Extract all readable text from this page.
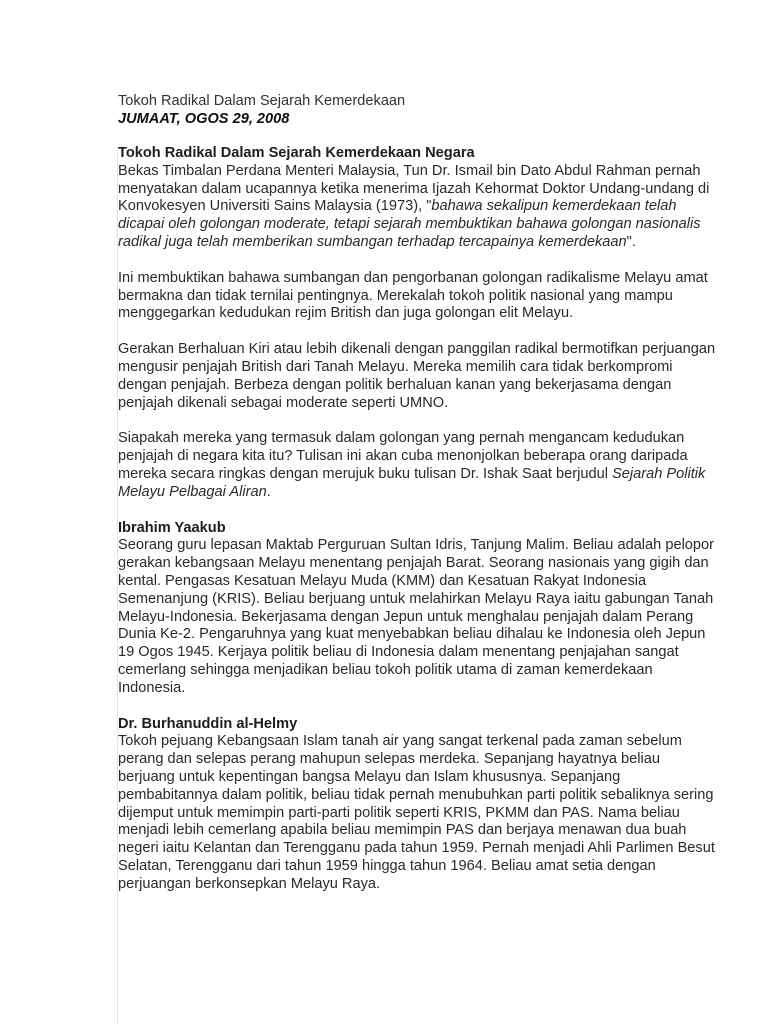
Tokoh Radikal Dalam Sejarah Kemerdekaan

JUMAAT, OGOS 29, 2008

Tokoh Radikal Dalam Sejarah Kemerdekaan Negara
Bekas Timbalan Perdana Menteri Malaysia, Tun Dr. Ismail bin Dato Abdul Rahman pernah menyatakan dalam ucapannya ketika menerima Ijazah Kehormat Doktor Undang-undang di Konvokesyen Universiti Sains Malaysia (1973), "bahawa sekalipun kemerdekaan telah dicapai oleh golongan moderate, tetapi sejarah membuktikan bahawa golongan nasionalis radikal juga telah memberikan sumbangan terhadap tercapainya kemerdekaan".

Ini membuktikan bahawa sumbangan dan pengorbanan golongan radikalisme Melayu amat bermakna dan tidak ternilai pentingnya. Merekalah tokoh politik nasional yang mampu menggegarkan kedudukan rejim British dan juga golongan elit Melayu.

Gerakan Berhaluan Kiri atau lebih dikenali dengan panggilan radikal bermotifkan perjuangan mengusir penjajah British dari Tanah Melayu. Mereka memilih cara tidak berkompromi dengan penjajah. Berbeza dengan politik berhaluan kanan yang bekerjasama dengan penjajah dikenali sebagai moderate seperti UMNO.

Siapakah mereka yang termasuk dalam golongan yang pernah mengancam kedudukan penjajah di negara kita itu? Tulisan ini akan cuba menonjolkan beberapa orang daripada mereka secara ringkas dengan merujuk buku tulisan Dr. Ishak Saat berjudul Sejarah Politik Melayu Pelbagai Aliran.

Ibrahim Yaakub
Seorang guru lepasan Maktab Perguruan Sultan Idris, Tanjung Malim. Beliau adalah pelopor gerakan kebangsaan Melayu menentang penjajah Barat. Seorang nasionais yang gigih dan kental. Pengasas Kesatuan Melayu Muda (KMM) dan Kesatuan Rakyat Indonesia Semenanjung (KRIS). Beliau berjuang untuk melahirkan Melayu Raya iaitu gabungan Tanah Melayu-Indonesia. Bekerjasama dengan Jepun untuk menghalau penjajah dalam Perang Dunia Ke-2. Pengaruhnya yang kuat menyebabkan beliau dihalau ke Indonesia oleh Jepun 19 Ogos 1945. Kerjaya politik beliau di Indonesia dalam menentang penjajahan sangat cemerlang sehingga menjadikan beliau tokoh politik utama di zaman kemerdekaan Indonesia.

Dr. Burhanuddin al-Helmy
Tokoh pejuang Kebangsaan Islam tanah air yang sangat terkenal pada zaman sebelum perang dan selepas perang mahupun selepas merdeka. Sepanjang hayatnya beliau berjuang untuk kepentingan bangsa Melayu dan Islam khususnya. Sepanjang pembabitannya dalam politik, beliau tidak pernah menubuhkan parti politik sebaliknya sering dijemput untuk memimpin parti-parti politik seperti KRIS, PKMM dan PAS. Nama beliau menjadi lebih cemerlang apabila beliau memimpin PAS dan berjaya menawan dua buah negeri iaitu Kelantan dan Terengganu pada tahun 1959. Pernah menjadi Ahli Parlimen Besut Selatan, Terengganu dari tahun 1959 hingga tahun 1964. Beliau amat setia dengan perjuangan berkonsepkan Melayu Raya.
